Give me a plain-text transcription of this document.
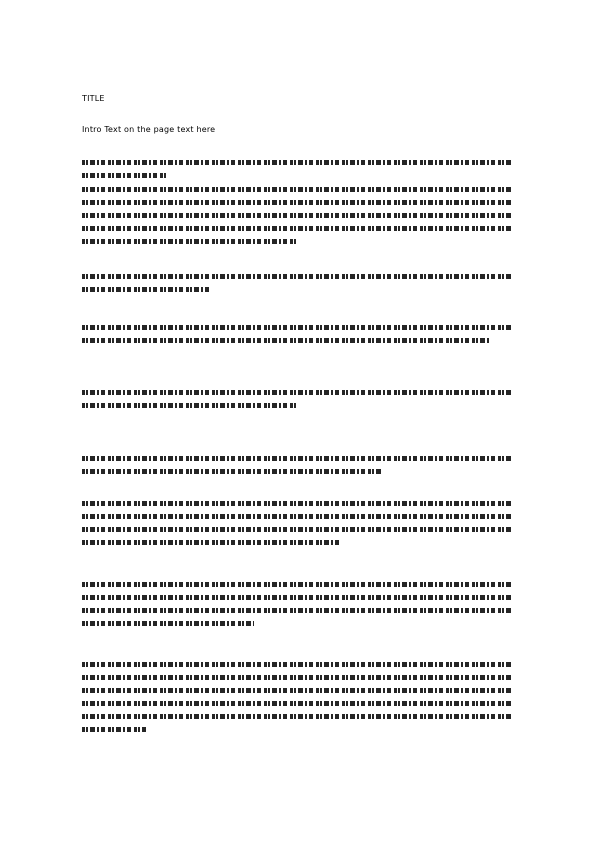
TITLE
Intro Text on the page text here
